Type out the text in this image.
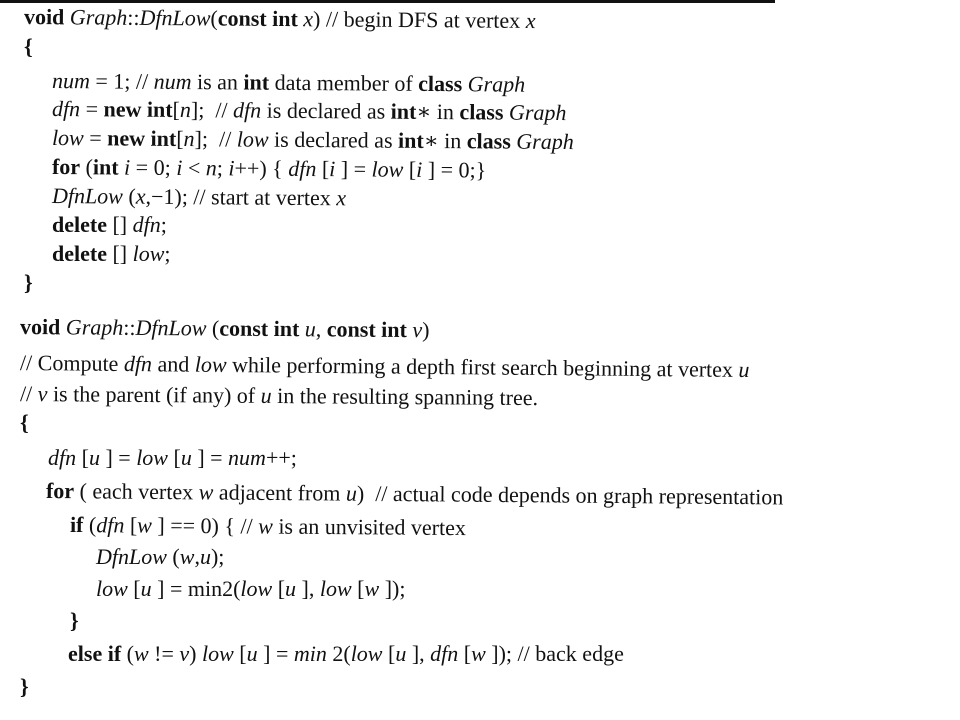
void Graph::DfnLow(const int x) // begin DFS at vertex x
{
num = 1; // num is an int data member of class Graph
dfn = new int[n];  // dfn is declared as int∗ in class Graph
low = new int[n];  // low is declared as int∗ in class Graph
for (int i = 0; i < n; i++) { dfn [i ] = low [i ] = 0;}
DfnLow (x,−1); // start at vertex x
delete [] dfn;
delete [] low;
}
void Graph::DfnLow (const int u, const int v)
// Compute dfn and low while performing a depth first search beginning at vertex u
// v is the parent (if any) of u in the resulting spanning tree.
{
dfn [u ] = low [u ] = num++;
for ( each vertex w adjacent from u)  // actual code depends on graph representation
if (dfn [w ] == 0) { // w is an unvisited vertex
DfnLow (w,u);
low [u ] = min2(low [u ], low [w ]);
}
else if (w != v) low [u ] = min 2(low [u ], dfn [w ]); // back edge
}
